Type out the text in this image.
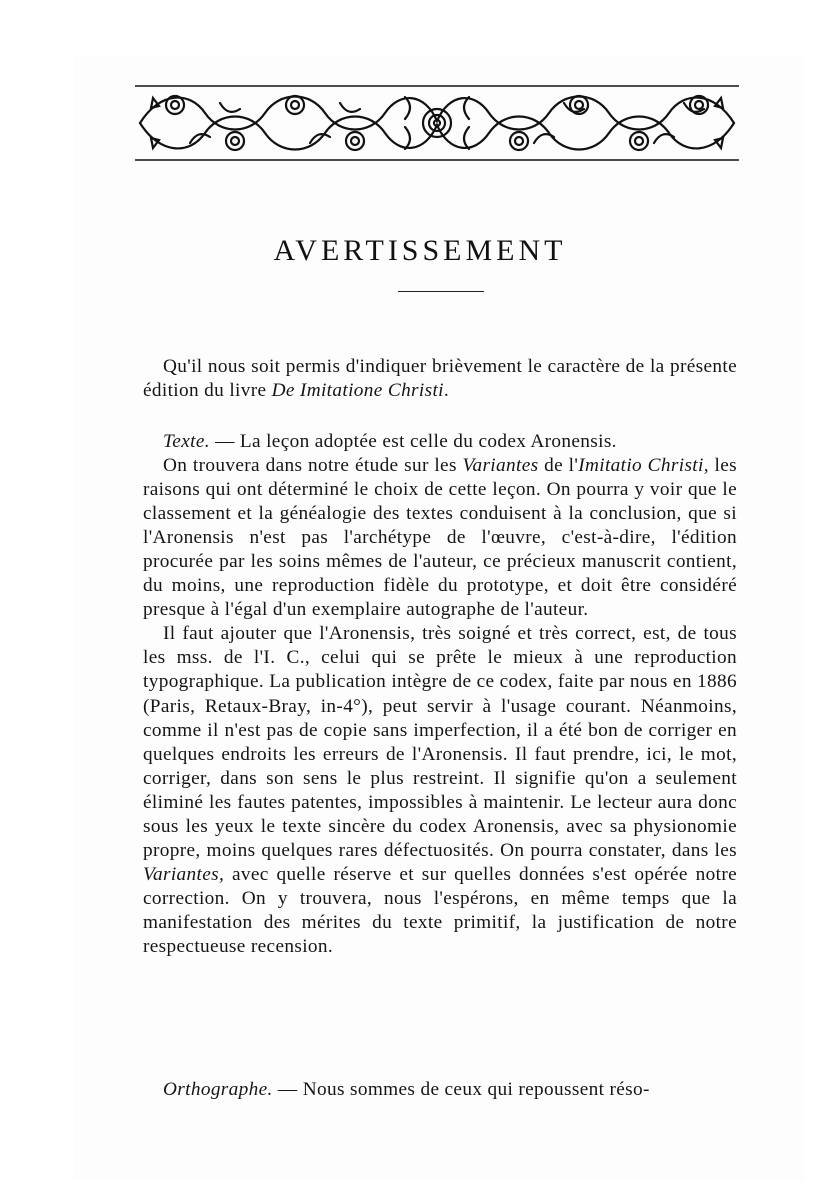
AVERTISSEMENT

Qu'il nous soit permis d'indiquer brièvement le caractère de la présente édition du livre De Imitatione Christi.

Texte. — La leçon adoptée est celle du codex Aronensis.

On trouvera dans notre étude sur les Variantes de l'Imitatio Christi, les raisons qui ont déterminé le choix de cette leçon. On pourra y voir que le classement et la généalogie des textes conduisent à la conclusion, que si l'Aronensis n'est pas l'archétype de l'œuvre, c'est-à-dire, l'édition procurée par les soins mêmes de l'auteur, ce précieux manuscrit contient, du moins, une reproduction fidèle du prototype, et doit être considéré presque à l'égal d'un exemplaire autographe de l'auteur.

Il faut ajouter que l'Aronensis, très soigné et très correct, est, de tous les mss. de l'I. C., celui qui se prête le mieux à une reproduction typographique. La publication intègre de ce codex, faite par nous en 1886 (Paris, Retaux-Bray, in-4°), peut servir à l'usage courant. Néanmoins, comme il n'est pas de copie sans imperfection, il a été bon de corriger en quelques endroits les erreurs de l'Aronensis. Il faut prendre, ici, le mot, corriger, dans son sens le plus restreint. Il signifie qu'on a seulement éliminé les fautes patentes, impossibles à maintenir. Le lecteur aura donc sous les yeux le texte sincère du codex Aronensis, avec sa physionomie propre, moins quelques rares défectuosités. On pourra constater, dans les Variantes, avec quelle réserve et sur quelles données s'est opérée notre correction. On y trouvera, nous l'espérons, en même temps que la manifestation des mérites du texte primitif, la justification de notre respectueuse recension.

Orthographe. — Nous sommes de ceux qui repoussent réso-
